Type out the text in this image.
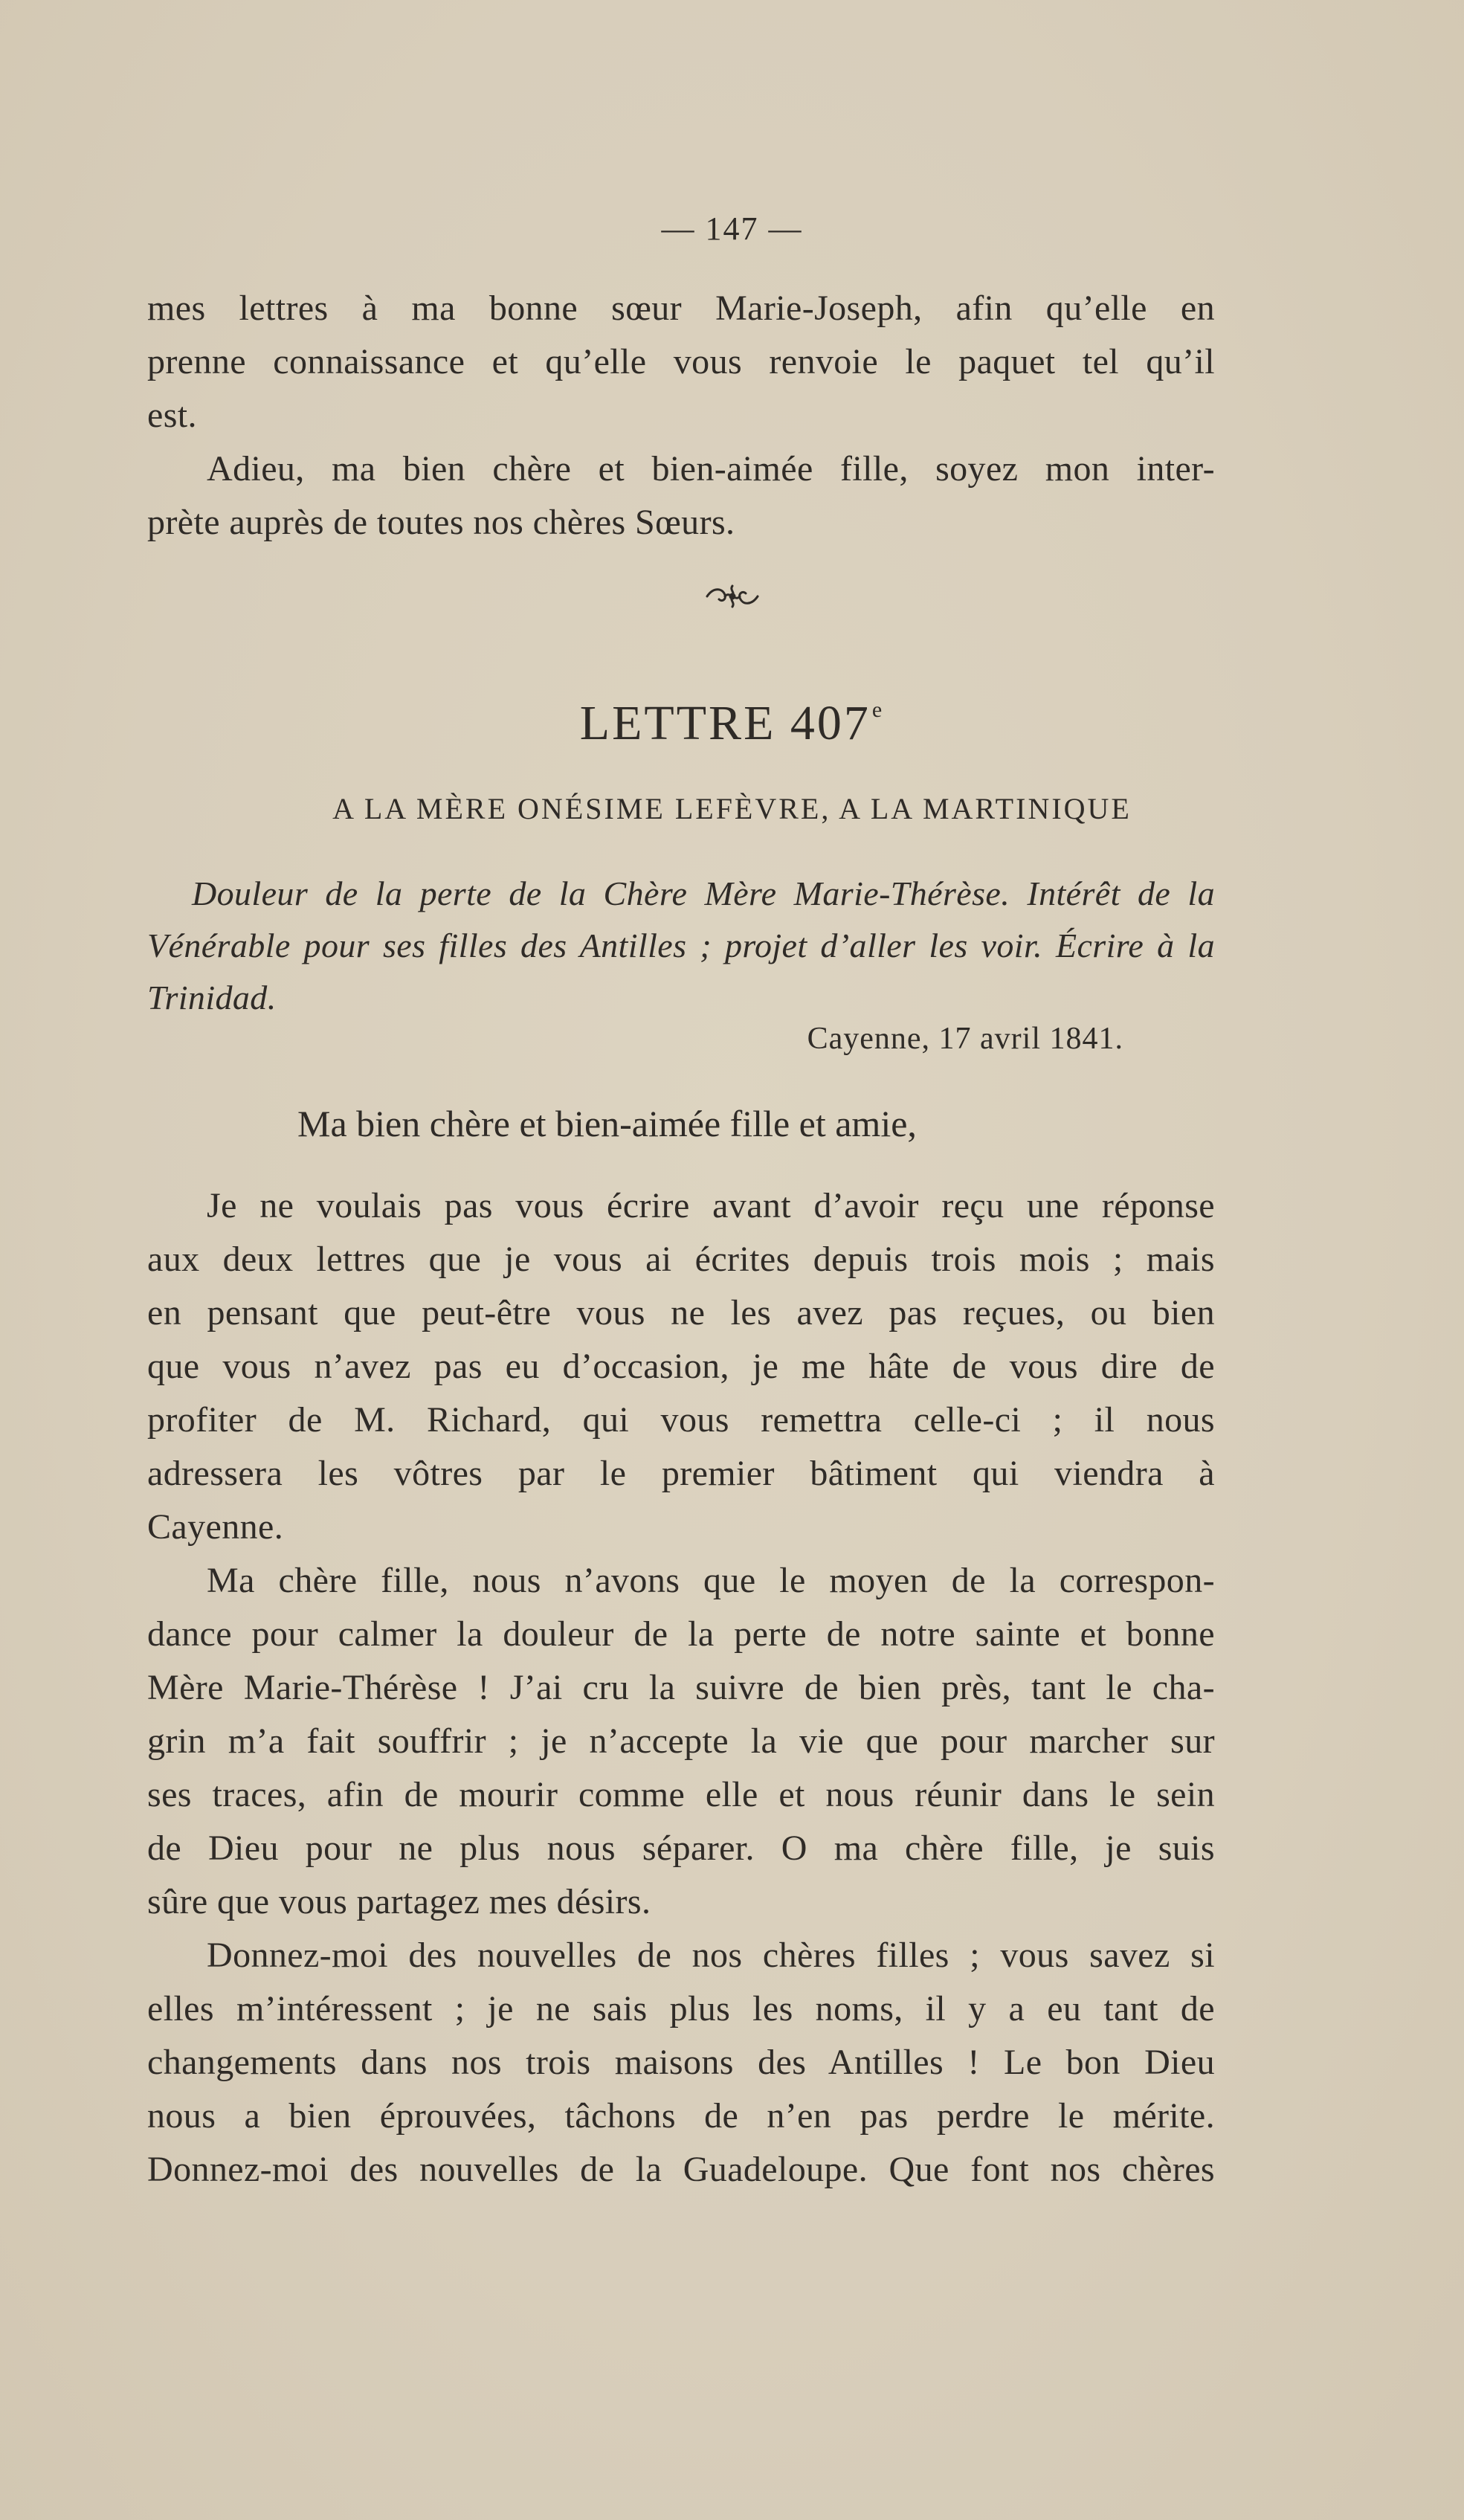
— 147 —
mes lettres à ma bonne sœur Marie-Joseph, afin qu’elle en
prenne connaissance et qu’elle vous renvoie le paquet tel qu’il
est.
Adieu, ma bien chère et bien-aimée fille, soyez mon inter-
prète auprès de toutes nos chères Sœurs.
LETTRE 407e
A LA MÈRE ONÉSIME LEFÈVRE, A LA MARTINIQUE
Douleur de la perte de la Chère Mère Marie-Thérèse. Intérêt de la
Vénérable pour ses filles des Antilles ; projet d’aller les voir. Écrire à la
Trinidad.
Cayenne, 17 avril 1841.
Ma bien chère et bien-aimée fille et amie,
Je ne voulais pas vous écrire avant d’avoir reçu une réponse
aux deux lettres que je vous ai écrites depuis trois mois ; mais
en pensant que peut-être vous ne les avez pas reçues, ou bien
que vous n’avez pas eu d’occasion, je me hâte de vous dire de
profiter de M. Richard, qui vous remettra celle-ci ; il nous
adressera les vôtres par le premier bâtiment qui viendra à
Cayenne.
Ma chère fille, nous n’avons que le moyen de la correspon-
dance pour calmer la douleur de la perte de notre sainte et bonne
Mère Marie-Thérèse ! J’ai cru la suivre de bien près, tant le cha-
grin m’a fait souffrir ; je n’accepte la vie que pour marcher sur
ses traces, afin de mourir comme elle et nous réunir dans le sein
de Dieu pour ne plus nous séparer. O ma chère fille, je suis
sûre que vous partagez mes désirs.
Donnez-moi des nouvelles de nos chères filles ; vous savez si
elles m’intéressent ; je ne sais plus les noms, il y a eu tant de
changements dans nos trois maisons des Antilles ! Le bon Dieu
nous a bien éprouvées, tâchons de n’en pas perdre le mérite.
Donnez-moi des nouvelles de la Guadeloupe. Que font nos chères
